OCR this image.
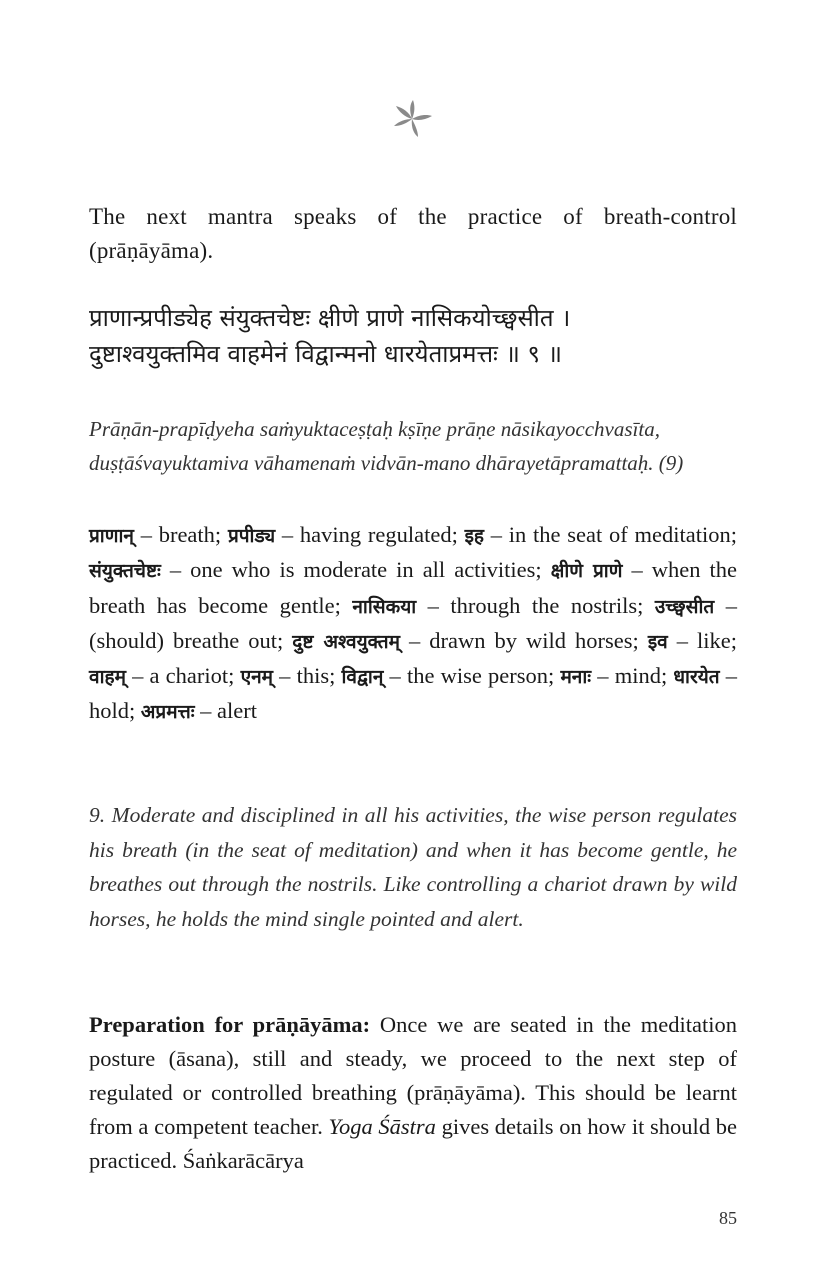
The next mantra speaks of the practice of breath-control (prāṇāyāma).

प्राणान्प्रपीड्येह संयुक्तचेष्टः क्षीणे प्राणे नासिकयोच्छ्वसीत ।
दुष्टाश्वयुक्तमिव वाहमेनं विद्वान्मनो धारयेताप्रमत्तः ॥ ९ ॥
Prāṇān-prapīḍyeha saṁyuktaceṣṭaḥ kṣīṇe prāṇe nāsikayocchvasīta,
duṣṭāśvayuktamiva vāhamenaṁ vidvān-mano dhārayetāpramattaḥ. (9)

प्राणान् – breath; प्रपीड्य – having regulated; इह – in the seat of meditation; संयुक्तचेष्टः – one who is moderate in all activities; क्षीणे प्राणे – when the breath has become gentle; नासिकया – through the nostrils; उच्छ्वसीत – (should) breathe out; दुष्ट अश्वयुक्तम् – drawn by wild horses; इव – like; वाहम् – a chariot; एनम् – this; विद्वान् – the wise person; मनाः – mind; धारयेत – hold; अप्रमत्तः – alert

9. Moderate and disciplined in all his activities, the wise person regulates his breath (in the seat of meditation) and when it has become gentle, he breathes out through the nostrils. Like controlling a chariot drawn by wild horses, he holds the mind single pointed and alert.

Preparation for prāṇāyāma: Once we are seated in the meditation posture (āsana), still and steady, we proceed to the next step of regulated or controlled breathing (prāṇāyāma). This should be learnt from a competent teacher. Yoga Śāstra gives details on how it should be practiced. Śaṅkarācārya

85
